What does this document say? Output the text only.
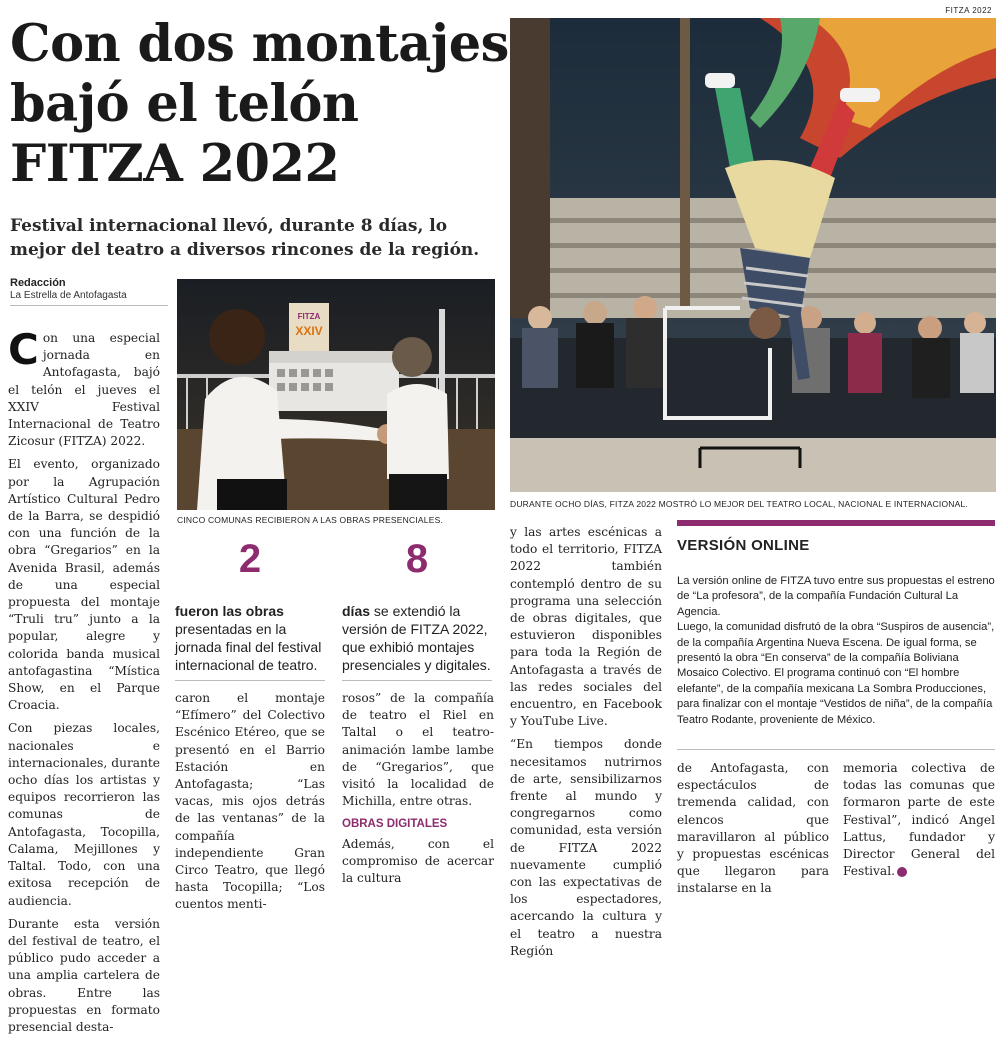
FITZA 2022
Con dos montajes
bajó el telón
FITZA 2022
Festival internacional llevó, durante 8 días, lo mejor del teatro a diversos rincones de la región.
Redacción
La Estrella de Antofagasta

Con una especial jornada en Antofagasta, bajó el telón el jueves el XXIV Festival Internacional de Teatro Zicosur (FITZA) 2022.

El evento, organizado por la Agrupación Artístico Cultural Pedro de la Barra, se despidió con una función de la obra “Gregarios” en la Avenida Brasil, además de una especial propuesta del montaje “Truli tru” junto a la popular, alegre y colorida banda musical antofagastina “Mística Show, en el Parque Croacia.

Con piezas locales, nacionales e internacionales, durante ocho días los artistas y equipos recorrieron las comunas de Antofagasta, Tocopilla, Calama, Mejillones y Taltal. Todo, con una exitosa recepción de audiencia.

Durante esta versión del festival de teatro, el público pudo acceder a una amplia cartelera de obras. Entre las propuestas en formato presencial desta-

FITZA
XXIV
CINCO COMUNAS RECIBIERON A LAS OBRAS PRESENCIALES.
DURANTE OCHO DÍAS, FITZA 2022 MOSTRÓ LO MEJOR DEL TEATRO LOCAL, NACIONAL E INTERNACIONAL.
2	8
fueron las obras presentadas en la jornada final del festival internacional de teatro.
días se extendió la versión de FITZA 2022, que exhibió montajes presenciales y digitales.

caron el montaje “Efímero” del Colectivo Escénico Etéreo, que se presentó en el Barrio Estación en Antofagasta; “Las vacas, mis ojos detrás de las ventanas” de la compañía independiente Gran Circo Teatro, que llegó hasta Tocopilla; “Los cuentos menti-

rosos” de la compañía de teatro el Riel en Taltal o el teatro-animación lambe lambe de “Gregarios”, que visitó la localidad de Michilla, entre otras.

OBRAS DIGITALES

Además, con el compromiso de acercar la cultura

y las artes escénicas a todo el territorio, FITZA 2022 también contempló dentro de su programa una selección de obras digitales, que estuvieron disponibles para toda la Región de Antofagasta a través de las redes sociales del encuentro, en Facebook y YouTube Live.

“En tiempos donde necesitamos nutrirnos de arte, sensibilizarnos frente al mundo y congregarnos como comunidad, esta versión de FITZA 2022 nuevamente cumplió con las expectativas de los espectadores, acercando la cultura y el teatro a nuestra Región

VERSIÓN ONLINE

La versión online de FITZA tuvo entre sus propuestas el estreno de “La profesora”, de la compañía Fundación Cultural La Agencia.

Luego, la comunidad disfrutó de la obra “Suspiros de ausencia”, de la compañía Argentina Nueva Escena. De igual forma, se presentó la obra “En conserva” de la compañía Boliviana Mosaico Colectivo. El programa continuó con “El hombre elefante”, de la compañía mexicana La Sombra Producciones, para finalizar con el montaje “Vestidos de niña”, de la compañía Teatro Rodante, proveniente de México.

de Antofagasta, con espectáculos de tremenda calidad, con elencos que maravillaron al público y propuestas escénicas que llegaron para instalarse en la

memoria colectiva de todas las comunas que formaron parte de este Festival”, indicó Angel Lattus, fundador y Director General del Festival.
